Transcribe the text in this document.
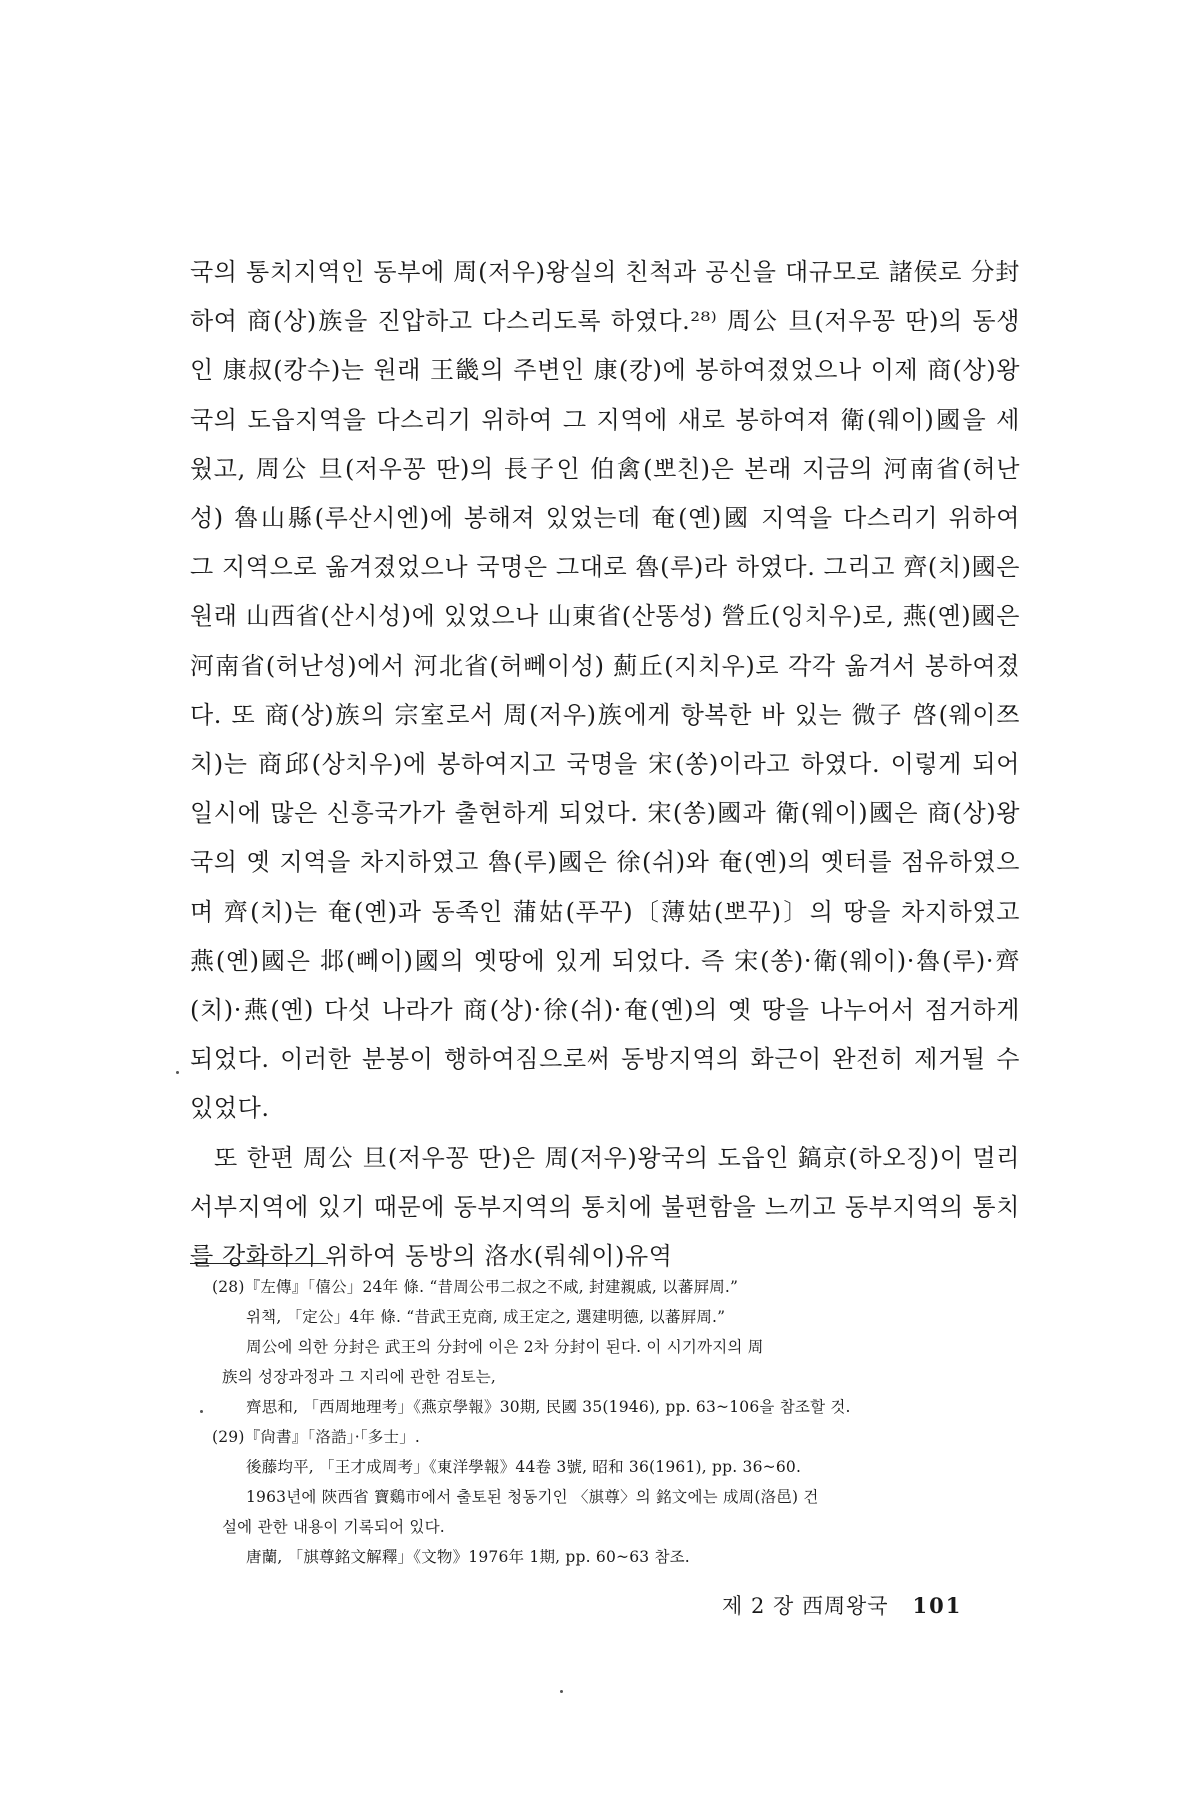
국의 통치지역인 동부에 周(저우)왕실의 친척과 공신을 대규모로 諸侯로 分封하여 商(상)族을 진압하고 다스리도록 하였다.²⁸⁾ 周公 旦(저우꽁 딴)의 동생인 康叔(캉수)는 원래 王畿의 주변인 康(캉)에 봉하여졌었으나 이제 商(상)왕국의 도읍지역을 다스리기 위하여 그 지역에 새로 봉하여져 衛(웨이)國을 세웠고, 周公 旦(저우꽁 딴)의 長子인 伯禽(뽀친)은 본래 지금의 河南省(허난성) 魯山縣(루산시엔)에 봉해져 있었는데 奄(옌)國 지역을 다스리기 위하여 그 지역으로 옮겨졌었으나 국명은 그대로 魯(루)라 하였다. 그리고 齊(치)國은 원래 山西省(산시성)에 있었으나 山東省(산똥성) 營丘(잉치우)로, 燕(옌)國은 河南省(허난성)에서 河北省(허뻬이성) 薊丘(지치우)로 각각 옮겨서 봉하여졌다. 또 商(상)族의 宗室로서 周(저우)族에게 항복한 바 있는 微子 啓(웨이쯔 치)는 商邱(상치우)에 봉하여지고 국명을 宋(쏭)이라고 하였다. 이렇게 되어 일시에 많은 신흥국가가 출현하게 되었다. 宋(쏭)國과 衛(웨이)國은 商(상)왕국의 옛 지역을 차지하였고 魯(루)國은 徐(쉬)와 奄(옌)의 옛터를 점유하였으며 齊(치)는 奄(옌)과 동족인 蒲姑(푸꾸)〔薄姑(뽀꾸)〕의 땅을 차지하였고 燕(옌)國은 邶(뻬이)國의 옛땅에 있게 되었다. 즉 宋(쏭)·衛(웨이)·魯(루)·齊(치)·燕(옌) 다섯 나라가 商(상)·徐(쉬)·奄(옌)의 옛 땅을 나누어서 점거하게 되었다. 이러한 분봉이 행하여짐으로써 동방지역의 화근이 완전히 제거될 수 있었다.

또 한편 周公 旦(저우꽁 딴)은 周(저우)왕국의 도읍인 鎬京(하오징)이 멀리 서부지역에 있기 때문에 동부지역의 통치에 불편함을 느끼고 동부지역의 통치를 강화하기 위하여 동방의 洛水(뤄쉐이)유역

(28)『左傳』「僖公」24年 條. “昔周公弔二叔之不咸, 封建親戚, 以蕃屛周.”

위책, 「定公」4年 條. “昔武王克商, 成王定之, 選建明德, 以蕃屛周.”

周公에 의한 分封은 武王의 分封에 이은 2차 分封이 된다. 이 시기까지의 周

族의 성장과정과 그 지리에 관한 검토는,

齊思和, 「西周地理考」《燕京學報》30期, 民國 35(1946), pp. 63~106을 참조할 것.

(29)『尙書』「洛誥」·「多士」.

後藤均平, 「王才成周考」《東洋學報》44卷 3號, 昭和 36(1961), pp. 36~60.

1963년에 陝西省 寶鷄市에서 출토된 청동기인 〈𣄃尊〉의 銘文에는 成周(洛邑) 건

설에 관한 내용이 기록되어 있다.

唐蘭, 「𣄃尊銘文解釋」《文物》1976年 1期, pp. 60~63 참조.

제 2 장 西周왕국 101
